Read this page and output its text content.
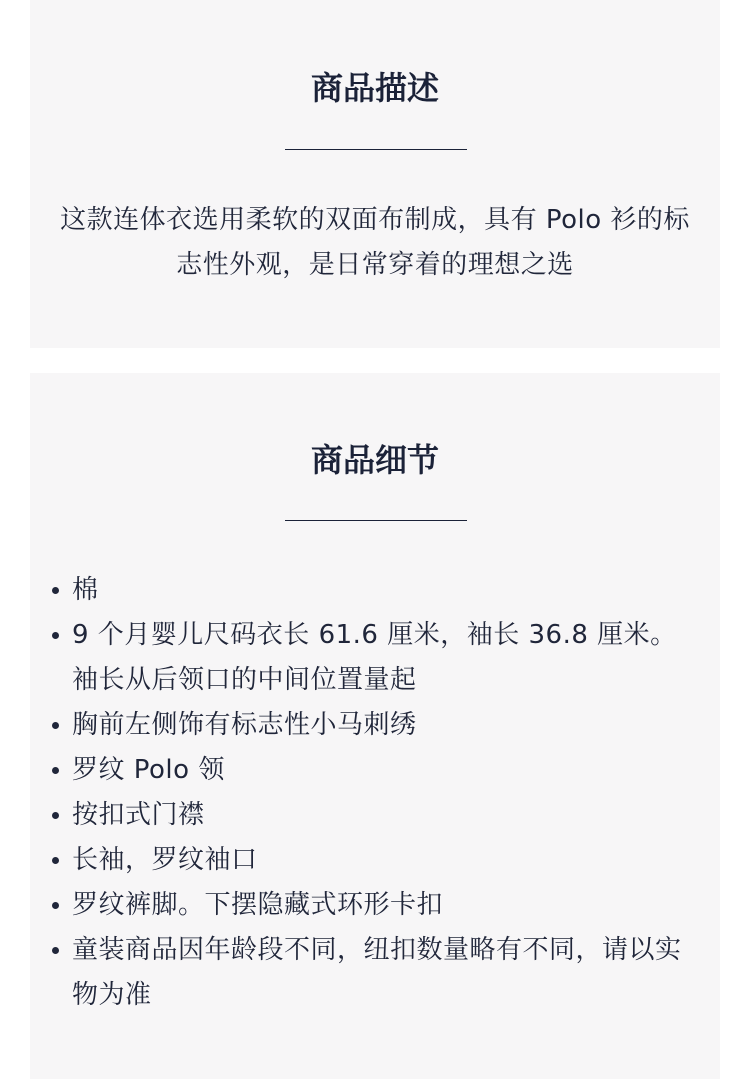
商品描述

这款连体衣选用柔软的双面布制成，具有 Polo 衫的标志性外观，是日常穿着的理想之选

商品细节
棉
9 个月婴儿尺码衣长 61.6 厘米，袖长 36.8 厘米。袖长从后领口的中间位置量起
胸前左侧饰有标志性小马刺绣
罗纹 Polo 领
按扣式门襟
长袖，罗纹袖口
罗纹裤脚。下摆隐藏式环形卡扣
童装商品因年龄段不同，纽扣数量略有不同，请以实物为准
